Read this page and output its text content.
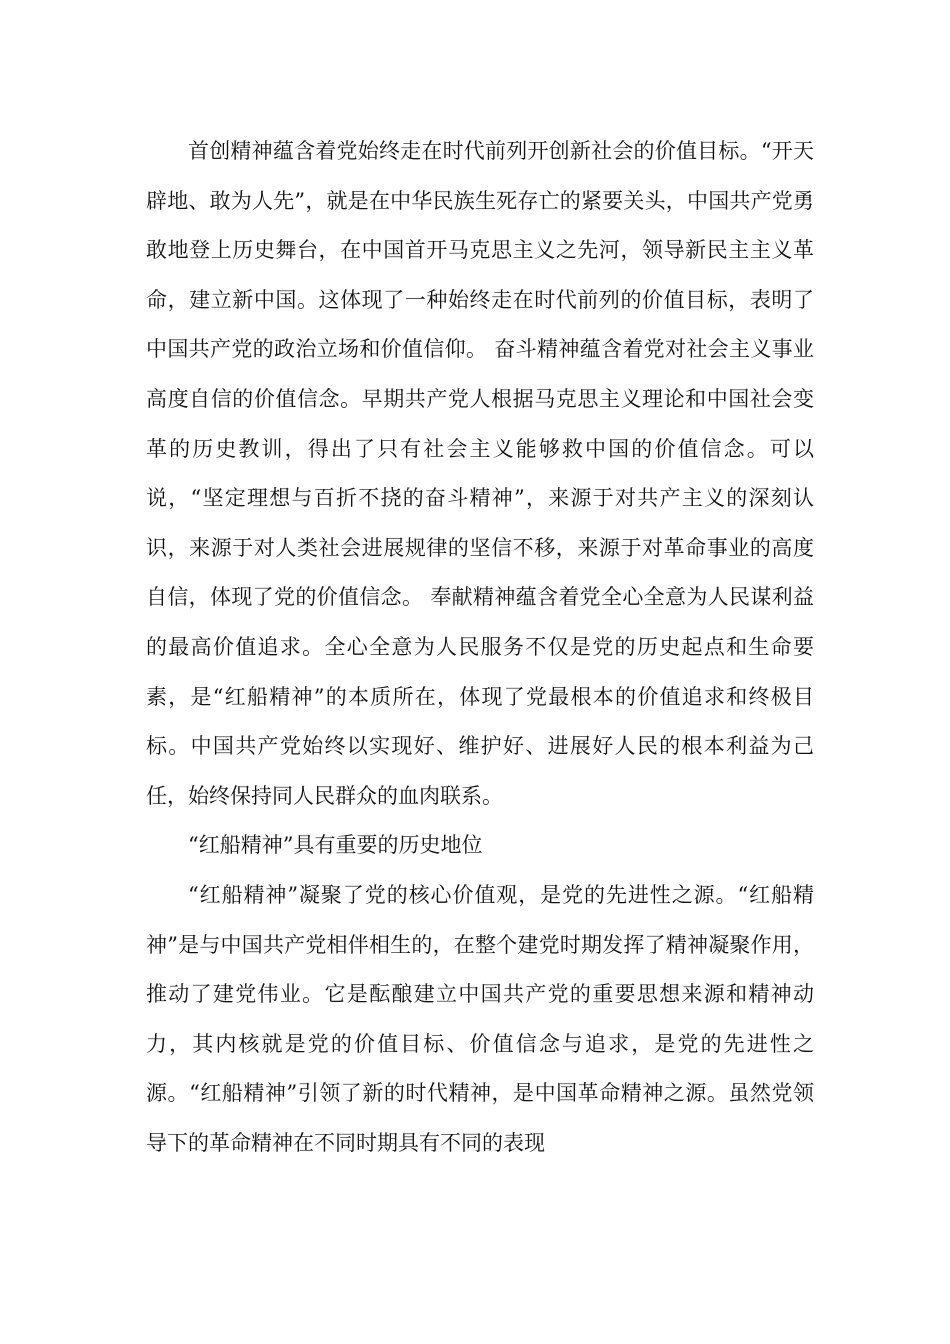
首创精神蕴含着党始终走在时代前列开创新社会的价值目标。“开天辟地、敢为人先”，就是在中华民族生死存亡的紧要关头，中国共产党勇敢地登上历史舞台，在中国首开马克思主义之先河，领导新民主主义革命，建立新中国。这体现了一种始终走在时代前列的价值目标，表明了中国共产党的政治立场和价值信仰。 奋斗精神蕴含着党对社会主义事业高度自信的价值信念。早期共产党人根据马克思主义理论和中国社会变革的历史教训，得出了只有社会主义能够救中国的价值信念。可以说，“坚定理想与百折不挠的奋斗精神”，来源于对共产主义的深刻认识，来源于对人类社会进展规律的坚信不移，来源于对革命事业的高度自信，体现了党的价值信念。 奉献精神蕴含着党全心全意为人民谋利益的最高价值追求。全心全意为人民服务不仅是党的历史起点和生命要素，是“红船精神”的本质所在，体现了党最根本的价值追求和终极目标。中国共产党始终以实现好、维护好、进展好人民的根本利益为己任，始终保持同人民群众的血肉联系。

“红船精神”具有重要的历史地位

“红船精神”凝聚了党的核心价值观，是党的先进性之源。“红船精神”是与中国共产党相伴相生的，在整个建党时期发挥了精神凝聚作用，推动了建党伟业。它是酝酿建立中国共产党的重要思想来源和精神动力，其内核就是党的价值目标、价值信念与追求，是党的先进性之源。“红船精神”引领了新的时代精神，是中国革命精神之源。虽然党领导下的革命精神在不同时期具有不同的表现
